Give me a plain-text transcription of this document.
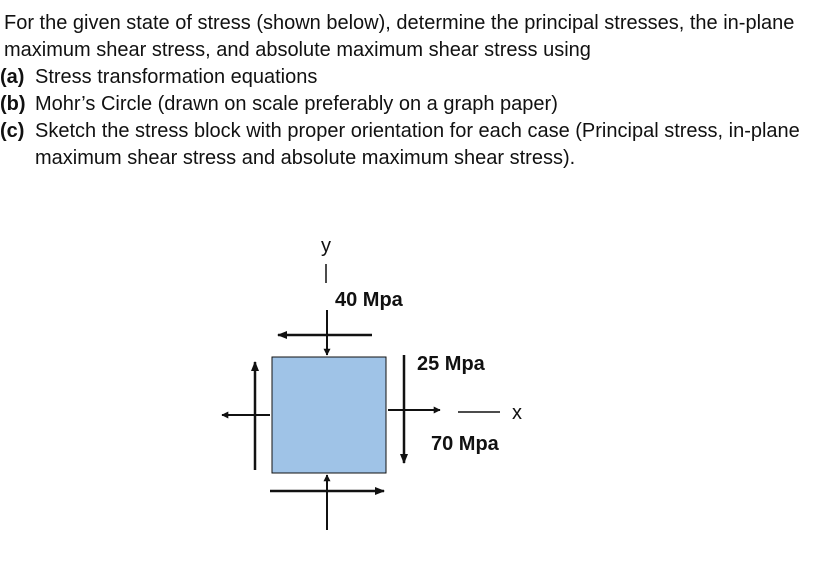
For the given state of stress (shown below), determine the principal stresses, the in-plane maximum shear stress, and absolute maximum shear stress using

(a) Stress transformation equations

(b) Mohr’s Circle (drawn on scale preferably on a graph paper)

(c) Sketch the stress block with proper orientation for each case (Principal stress, in-plane maximum shear stress and absolute maximum shear stress).

y
40 Mpa
25 Mpa
x
70 Mpa
